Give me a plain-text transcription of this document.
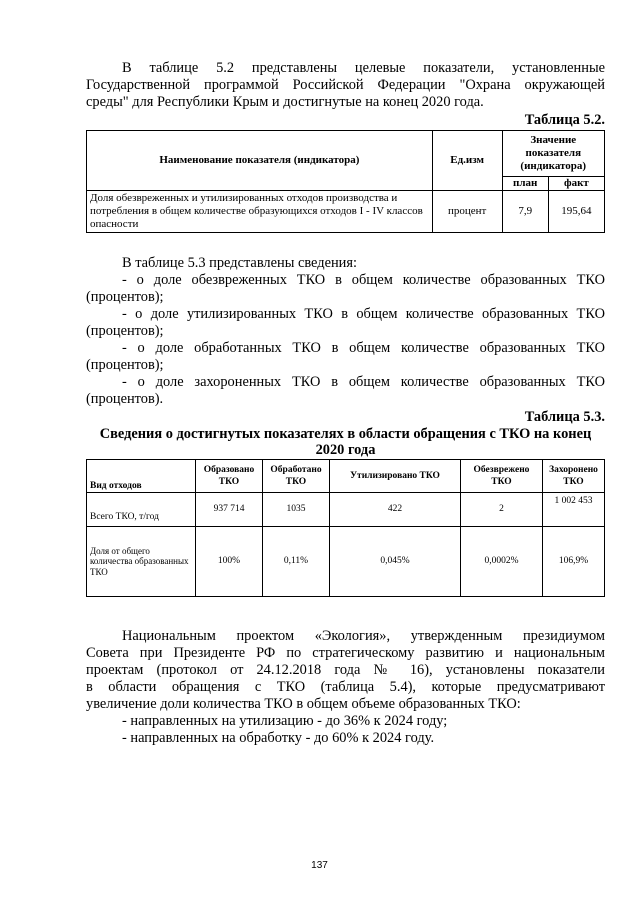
В таблице 5.2 представлены целевые показатели, установленные

Государственной программой Российской Федерации "Охрана окружающей

среды" для Республики Крым и достигнутые на конец 2020 года.

Таблица 5.2.
Наименование показателя (индикатора)	Ед.изм	Значение показателя (индикатора)	
		план	факт
Доля обезвреженных и утилизированных отходов производства и потребления в общем количестве образующихся отходов I - IV классов опасности	процент	7,9	195,64

В таблице 5.3 представлены сведения:

- о доле обезвреженных ТКО в общем количестве образованных ТКО

(процентов);

- о доле утилизированных ТКО в общем количестве образованных ТКО

(процентов);

- о доле обработанных ТКО в общем количестве образованных ТКО

(процентов);

- о доле захороненных ТКО в общем количестве образованных ТКО

(процентов).

Таблица 5.3.

Сведения о достигнутых показателях в области обращения с ТКО на конец

2020 года

Вид отходов	Образовано ТКО	Обработано ТКО	Утилизировано ТКО	Обезврежено ТКО	Захоронено ТКО
Всего ТКО, т/год	937 714	1035	422	2	1 002 453
Доля от общего количества образованных ТКО	100%	0,11%	0,045%	0,0002%	106,9%

Национальным проектом «Экология», утвержденным президиумом

Совета при Президенте РФ по стратегическому развитию и национальным

проектам (протокол от 24.12.2018 года № 16), установлены показатели

в области обращения с ТКО (таблица 5.4), которые предусматривают

увеличение доли количества ТКО в общем объеме образованных ТКО:

- направленных на утилизацию - до 36% к 2024 году;

- направленных на обработку - до 60% к 2024 году.

137
